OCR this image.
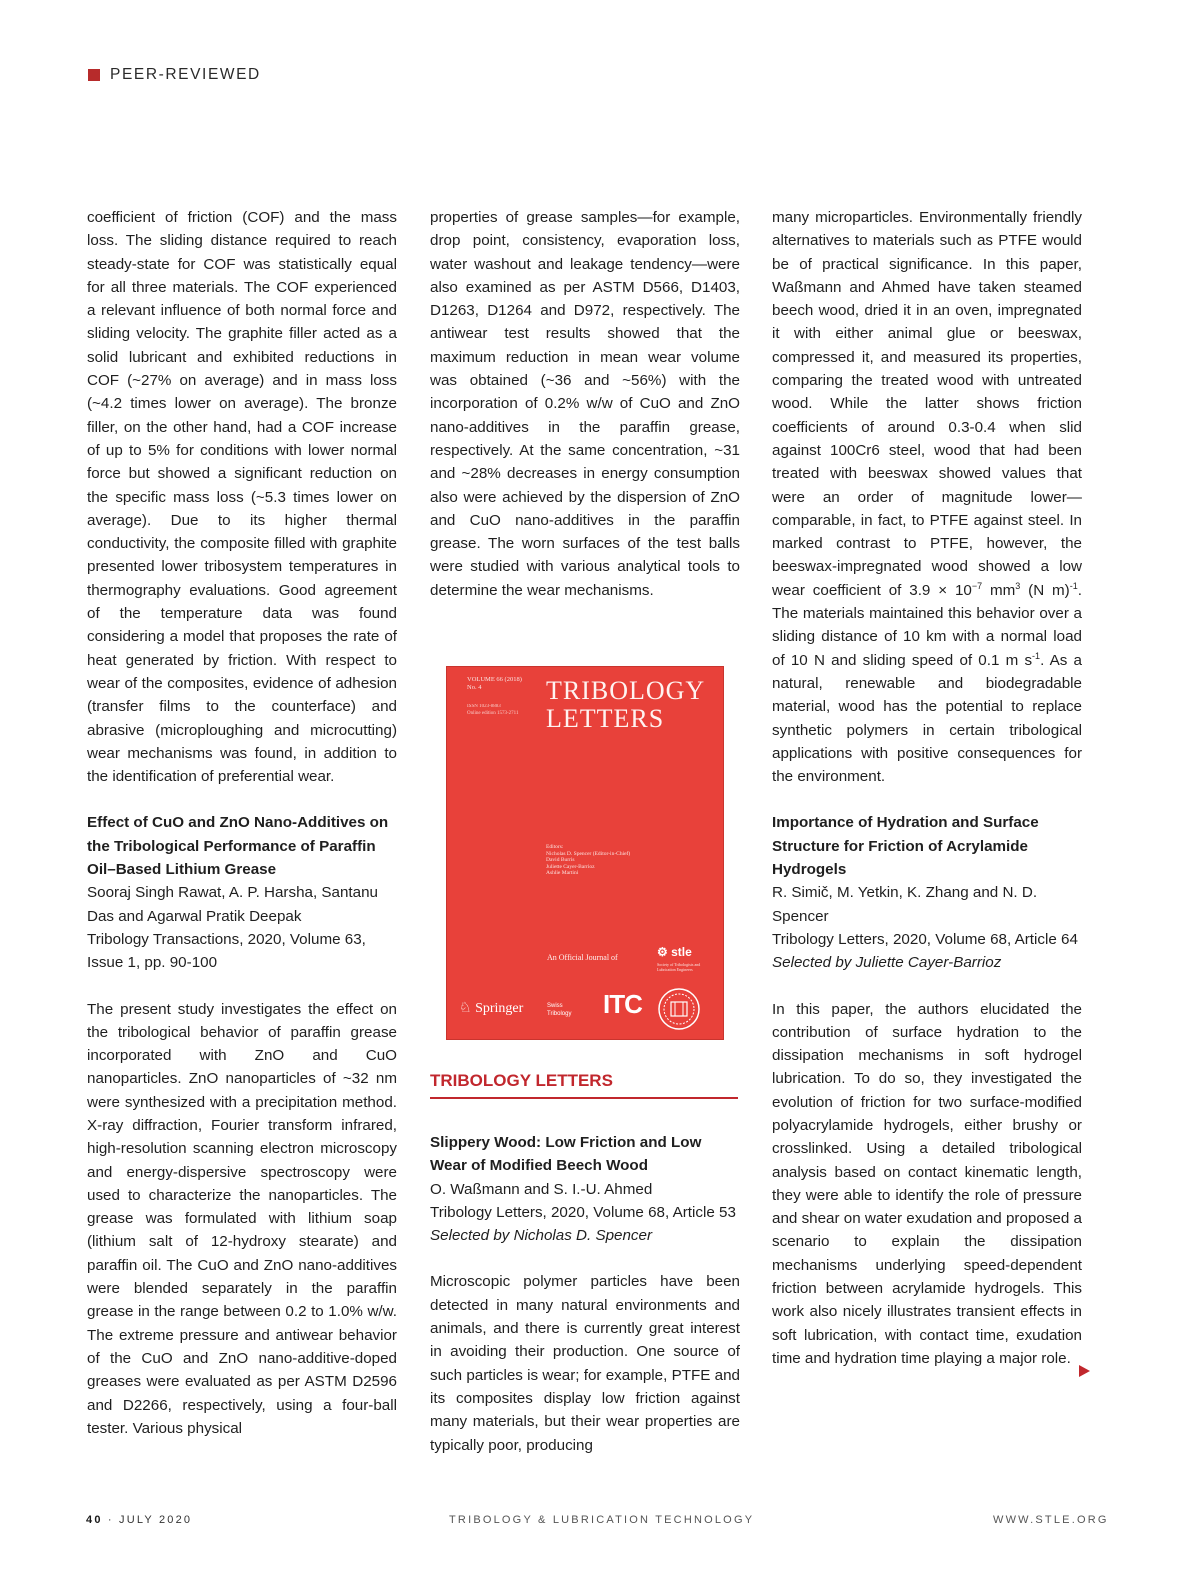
PEER-REVIEWED

coefficient of friction (COF) and the mass loss. The sliding distance required to reach steady-state for COF was statistically equal for all three materials. The COF experienced a relevant influence of both normal force and sliding velocity. The graphite filler acted as a solid lubricant and exhibited reductions in COF (~27% on average) and in mass loss (~4.2 times lower on average). The bronze filler, on the other hand, had a COF increase of up to 5% for conditions with lower normal force but showed a significant reduction on the specific mass loss (~5.3 times lower on average). Due to its higher thermal conductivity, the composite filled with graphite presented lower tribosystem temperatures in thermography evaluations. Good agreement of the temperature data was found considering a model that proposes the rate of heat generated by friction. With respect to wear of the composites, evidence of adhesion (transfer films to the counterface) and abrasive (microploughing and microcutting) wear mechanisms was found, in addition to the identification of preferential wear.

Effect of CuO and ZnO Nano-Additives on the Tribological Performance of Paraffin Oil–Based Lithium Grease
Sooraj Singh Rawat, A. P. Harsha, Santanu Das and Agarwal Pratik Deepak
Tribology Transactions, 2020, Volume 63, Issue 1, pp. 90-100

The present study investigates the effect on the tribological behavior of paraffin grease incorporated with ZnO and CuO nanoparticles. ZnO nanoparticles of ~32 nm were synthesized with a precipitation method. X-ray diffraction, Fourier transform infrared, high-resolution scanning electron microscopy and energy-dispersive spectroscopy were used to characterize the nanoparticles. The grease was formulated with lithium soap (lithium salt of 12-hydroxy stearate) and paraffin oil. The CuO and ZnO nano-additives were blended separately in the paraffin grease in the range between 0.2 to 1.0% w/w. The extreme pressure and antiwear behavior of the CuO and ZnO nano-additive-doped greases were evaluated as per ASTM D2596 and D2266, respectively, using a four-ball tester. Various physical

properties of grease samples—for example, drop point, consistency, evaporation loss, water washout and leakage tendency—were also examined as per ASTM D566, D1403, D1263, D1264 and D972, respectively. The antiwear test results showed that the maximum reduction in mean wear volume was obtained (~36 and ~56%) with the incorporation of 0.2% w/w of CuO and ZnO nano-additives in the paraffin grease, respectively. At the same concentration, ~31 and ~28% decreases in energy consumption also were achieved by the dispersion of ZnO and CuO nano-additives in the paraffin grease. The worn surfaces of the test balls were studied with various analytical tools to determine the wear mechanisms.

VOLUME 66 (2018)
No. 4
ISSN 1023-8883
Online edition 1573-2711
TRIBOLOGY
LETTERS
Editors:
Nicholas D. Spencer (Editor-in-Chief)
David Burris
Juliette Cayer-Barrioz
Ashlie Martini
An Official Journal of	⚙ stle
Society of Tribologists and Lubrication Engineers
♘ Springer	Swiss
Tribology ITC
TRIBOLOGY LETTERS
Slippery Wood: Low Friction and Low Wear of Modified Beech Wood
O. Waßmann and S. I.-U. Ahmed
Tribology Letters, 2020, Volume 68, Article 53
Selected by Nicholas D. Spencer

Microscopic polymer particles have been detected in many natural environments and animals, and there is currently great interest in avoiding their production. One source of such particles is wear; for example, PTFE and its composites display low friction against many materials, but their wear properties are typically poor, producing

many microparticles. Environmentally friendly alternatives to materials such as PTFE would be of practical significance. In this paper, Waßmann and Ahmed have taken steamed beech wood, dried it in an oven, impregnated it with either animal glue or beeswax, compressed it, and measured its properties, comparing the treated wood with untreated wood. While the latter shows friction coefficients of around 0.3-0.4 when slid against 100Cr6 steel, wood that had been treated with beeswax showed values that were an order of magnitude lower—comparable, in fact, to PTFE against steel. In marked contrast to PTFE, however, the beeswax-impregnated wood showed a low wear coefficient of $3.9 \times 10^{-7}$ $mm^3$ (N m)$^{-1}$. The materials maintained this behavior over a sliding distance of 10 km with a normal load of 10 N and sliding speed of 0.1 m $s^{-1}$. As a natural, renewable and biodegradable material, wood has the potential to replace synthetic polymers in certain tribological applications with positive consequences for the environment.

Importance of Hydration and Surface Structure for Friction of Acrylamide Hydrogels
R. Simič, M. Yetkin, K. Zhang and N. D. Spencer
Tribology Letters, 2020, Volume 68, Article 64
Selected by Juliette Cayer-Barrioz

In this paper, the authors elucidated the contribution of surface hydration to the dissipation mechanisms in soft hydrogel lubrication. To do so, they investigated the evolution of friction for two surface-modified polyacrylamide hydrogels, either brushy or crosslinked. Using a detailed tribological analysis based on contact kinematic length, they were able to identify the role of pressure and shear on water exudation and proposed a scenario to explain the dissipation mechanisms underlying speed-dependent friction between acrylamide hydrogels. This work also nicely illustrates transient effects in soft lubrication, with contact time, exudation time and hydration time playing a major role.

40 · JULY 2020	TRIBOLOGY & LUBRICATION TECHNOLOGY	WWW.STLE.ORG
